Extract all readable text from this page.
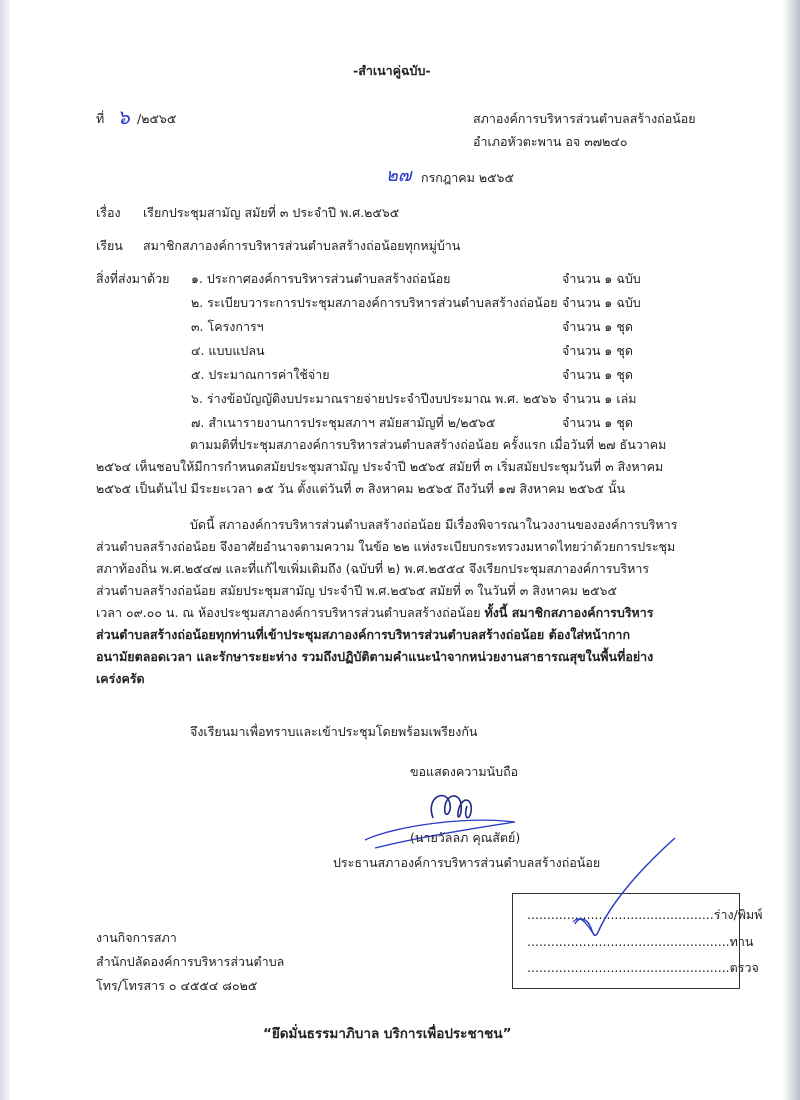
-สำเนาคู่ฉบับ-
ที่ ๖ /๒๕๖๕	สภาองค์การบริหารส่วนตำบลสร้างถ่อน้อย
อำเภอหัวตะพาน อจ ๓๗๒๔๐
๒๗ กรกฎาคม ๒๕๖๕
เรื่อง เรียกประชุมสามัญ สมัยที่ ๓ ประจำปี พ.ศ.๒๕๖๕
เรียน สมาชิกสภาองค์การบริหารส่วนตำบลสร้างถ่อน้อยทุกหมู่บ้าน
สิ่งที่ส่งมาด้วย ๑. ประกาศองค์การบริหารส่วนตำบลสร้างถ่อน้อย	จำนวน ๑ ฉบับ
๒. ระเบียบวาระการประชุมสภาองค์การบริหารส่วนตำบลสร้างถ่อน้อย จำนวน ๑ ฉบับ
๓. โครงการฯ	จำนวน ๑ ชุด
๔. แบบแปลน	จำนวน ๑ ชุด
๕. ประมาณการค่าใช้จ่าย	จำนวน ๑ ชุด
๖. ร่างข้อบัญญัติงบประมาณรายจ่ายประจำปีงบประมาณ พ.ศ. ๒๕๖๖ จำนวน ๑ เล่ม
๗. สำเนารายงานการประชุมสภาฯ สมัยสามัญที่ ๒/๒๕๖๕	จำนวน ๑ ชุด
ตามมติที่ประชุมสภาองค์การบริหารส่วนตำบลสร้างถ่อน้อย ครั้งแรก เมื่อวันที่ ๒๗ ธันวาคม
๒๕๖๔ เห็นชอบให้มีการกำหนดสมัยประชุมสามัญ ประจำปี ๒๕๖๕ สมัยที่ ๓ เริ่มสมัยประชุมวันที่ ๓ สิงหาคม
๒๕๖๕ เป็นต้นไป มีระยะเวลา ๑๕ วัน ตั้งแต่วันที่ ๓ สิงหาคม ๒๕๖๕ ถึงวันที่ ๑๗ สิงหาคม ๒๕๖๕ นั้น
บัดนี้ สภาองค์การบริหารส่วนตำบลสร้างถ่อน้อย มีเรื่องพิจารณาในวงงานขององค์การบริหาร
ส่วนตำบลสร้างถ่อน้อย จึงอาศัยอำนาจตามความ ในข้อ ๒๒ แห่งระเบียบกระทรวงมหาดไทยว่าด้วยการประชุม
สภาท้องถิ่น พ.ศ.๒๕๔๗ และที่แก้ไขเพิ่มเติมถึง (ฉบับที่ ๒) พ.ศ.๒๕๕๔ จึงเรียกประชุมสภาองค์การบริหาร
ส่วนตำบลสร้างถ่อน้อย สมัยประชุมสามัญ ประจำปี พ.ศ.๒๕๖๕ สมัยที่ ๓ ในวันที่ ๓ สิงหาคม ๒๕๖๕
เวลา ๐๙.๐๐ น. ณ ห้องประชุมสภาองค์การบริหารส่วนตำบลสร้างถ่อน้อย ทั้งนี้ สมาชิกสภาองค์การบริหาร
ส่วนตำบลสร้างถ่อน้อยทุกท่านที่เข้าประชุมสภาองค์การบริหารส่วนตำบลสร้างถ่อน้อย ต้องใส่หน้ากาก
อนามัยตลอดเวลา และรักษาระยะห่าง รวมถึงปฏิบัติตามคำแนะนำจากหน่วยงานสาธารณสุขในพื้นที่อย่าง
เคร่งครัด
จึงเรียนมาเพื่อทราบและเข้าประชุมโดยพร้อมเพรียงกัน
ขอแสดงความนับถือ
(นายวัลลภ คุณสัตย์)
ประธานสภาองค์การบริหารส่วนตำบลสร้างถ่อน้อย
...............................................ร่าง/พิมพ์
...................................................ทาน
...................................................ตรวจ
งานกิจการสภา
สำนักปลัดองค์การบริหารส่วนตำบล
โทร/โทรสาร ๐ ๔๕๕๔ ๘๐๒๕
“ยึดมั่นธรรมาภิบาล บริการเพื่อประชาชน”
